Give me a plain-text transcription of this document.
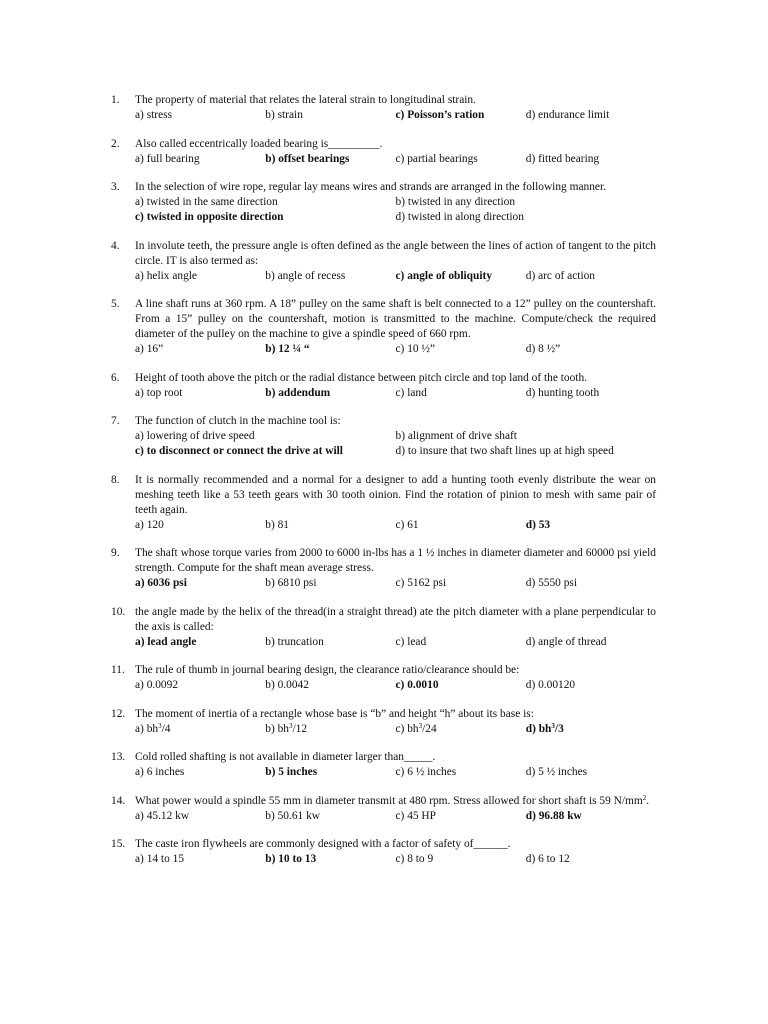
1.	The property of material that relates the lateral strain to longitudinal strain.
a) stress	b) strain	c) Poisson’s ration	d) endurance limit
2.	Also called eccentrically loaded bearing is_________.
a) full bearing	b) offset bearings	c) partial bearings	d) fitted bearing
3.	In the selection of wire rope, regular lay means wires and strands are arranged in the following manner.
a) twisted in the same direction	b) twisted in any direction
c) twisted in opposite direction	d) twisted in along direction
4.	In involute teeth, the pressure angle is often defined as the angle between the lines of action of tangent to the pitch circle. IT is also termed as:
a) helix angle	b) angle of recess	c) angle of obliquity	d) arc of action
5.	A line shaft runs at 360 rpm. A 18” pulley on the same shaft is belt connected to a 12” pulley on the countershaft. From a 15” pulley on the countershaft, motion is transmitted to the machine. Compute/check the required diameter of the pulley on the machine to give a spindle speed of 660 rpm.
a) 16”	b) 12 ¼ “	c) 10 ½”	d) 8 ½”
6.	Height of tooth above the pitch or the radial distance between pitch circle and top land of the tooth.
a) top root	b) addendum	c) land	d) hunting tooth
7.	The function of clutch in the machine tool is:
a) lowering of drive speed	b) alignment of drive shaft
c) to disconnect or connect the drive at will	d) to insure that two shaft lines up at high speed
8.	It is normally recommended and a normal for a designer to add a hunting tooth evenly distribute the wear on meshing teeth like a 53 teeth gears with 30 tooth oinion. Find the rotation of pinion to mesh with same pair of teeth again.
a) 120	b) 81	c) 61	d) 53
9.	The shaft whose torque varies from 2000 to 6000 in-lbs has a 1 ½ inches in diameter diameter and 60000 psi yield strength. Compute for the shaft mean average stress.
a) 6036 psi	b) 6810 psi	c) 5162 psi	d) 5550 psi
10. the angle made by the helix of the thread(in a straight thread) ate the pitch diameter with a plane perpendicular to the axis is called:
a) lead angle	b) truncation	c) lead	d) angle of thread
11. The rule of thumb in journal bearing design, the clearance ratio/clearance should be:
a) 0.0092	b) 0.0042	c) 0.0010	d) 0.00120
12. The moment of inertia of a rectangle whose base is “b” and height “h” about its base is:
a) $bh^3/4$	b) $bh^3/12$	c) $bh^3/24$	d) $bh^3/3$
13. Cold rolled shafting is not available in diameter larger than_____.
a) 6 inches	b) 5 inches	c) 6 ½ inches	d) 5 ½ inches
14. What power would a spindle 55 mm in diameter transmit at 480 rpm. Stress allowed for short shaft is 59 $N/mm^2$.
a) 45.12 kw	b) 50.61 kw	c) 45 HP	d) 96.88 kw
15. The caste iron flywheels are commonly designed with a factor of safety of______.
a) 14 to 15	b) 10 to 13	c) 8 to 9	d) 6 to 12
